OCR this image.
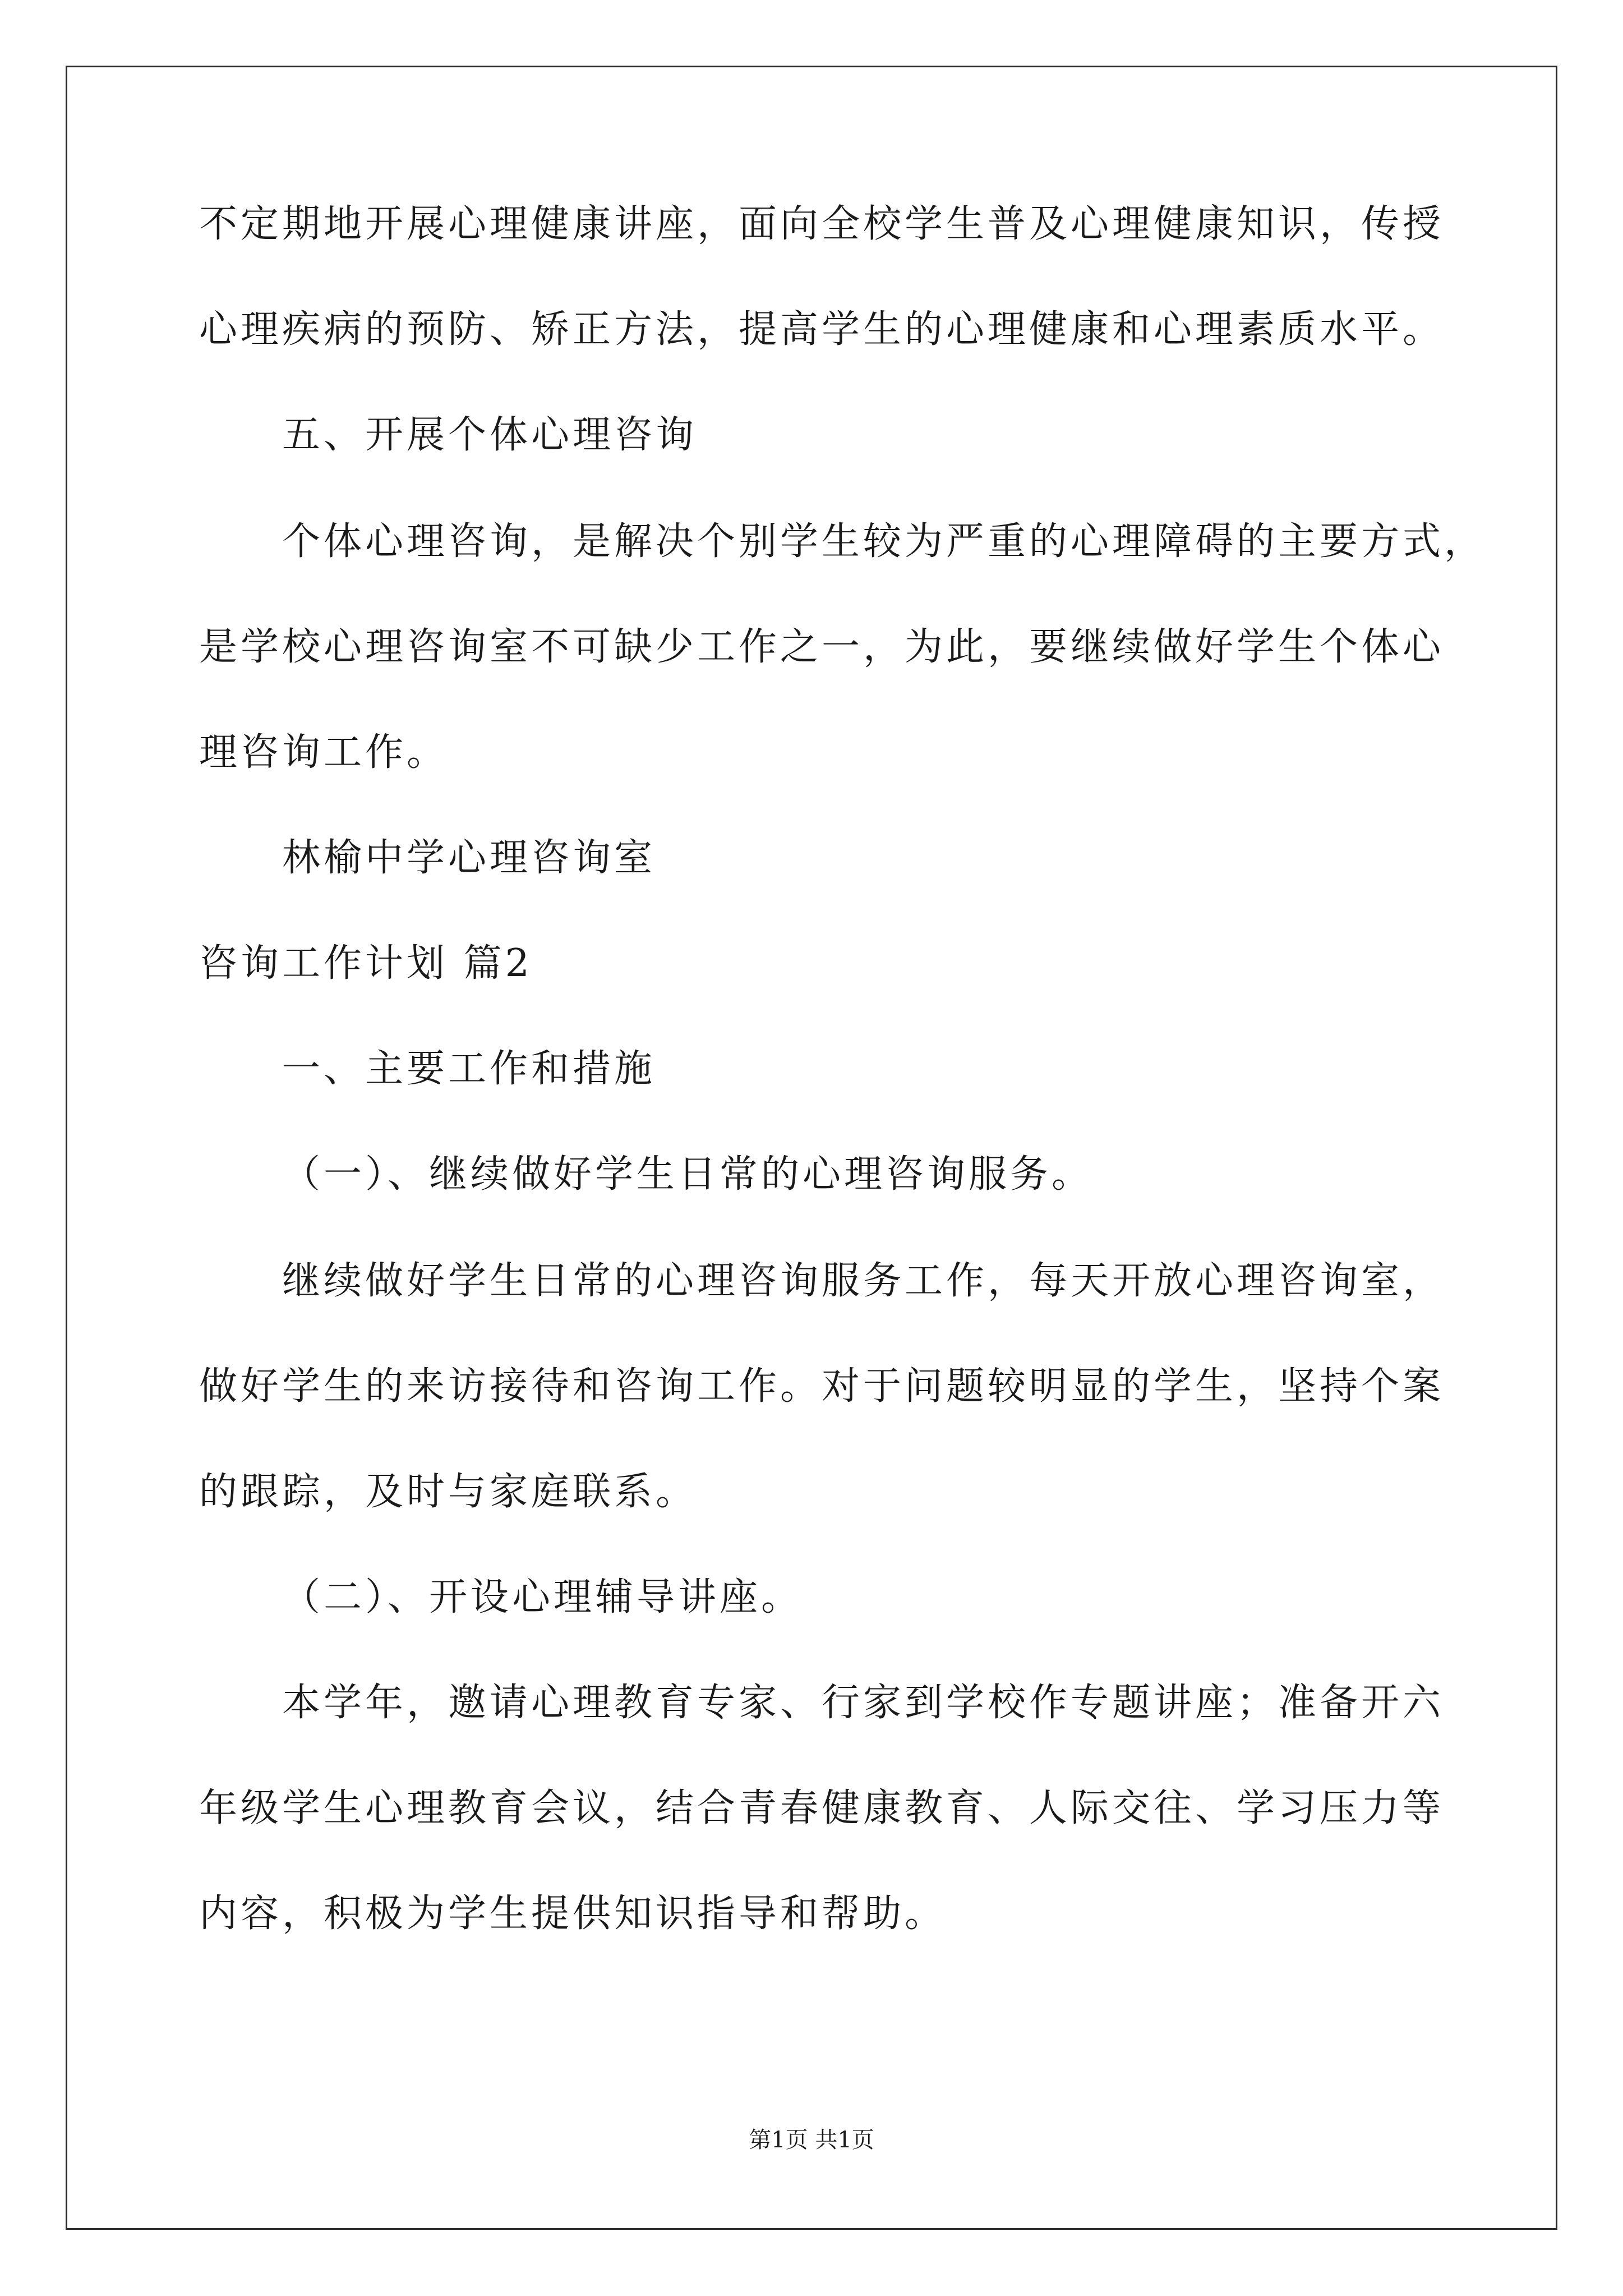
不定期地开展心理健康讲座，面向全校学生普及心理健康知识，传授
心理疾病的预防、矫正方法，提高学生的心理健康和心理素质水平。
五、开展个体心理咨询
个体心理咨询，是解决个别学生较为严重的心理障碍的主要方式，
是学校心理咨询室不可缺少工作之一，为此，要继续做好学生个体心
理咨询工作。
林榆中学心理咨询室
咨询工作计划 篇2
一、主要工作和措施
（一）、继续做好学生日常的心理咨询服务。
继续做好学生日常的心理咨询服务工作，每天开放心理咨询室，
做好学生的来访接待和咨询工作。对于问题较明显的学生，坚持个案
的跟踪，及时与家庭联系。
（二）、开设心理辅导讲座。
本学年，邀请心理教育专家、行家到学校作专题讲座；准备开六
年级学生心理教育会议，结合青春健康教育、人际交往、学习压力等
内容，积极为学生提供知识指导和帮助。
第1页 共1页
